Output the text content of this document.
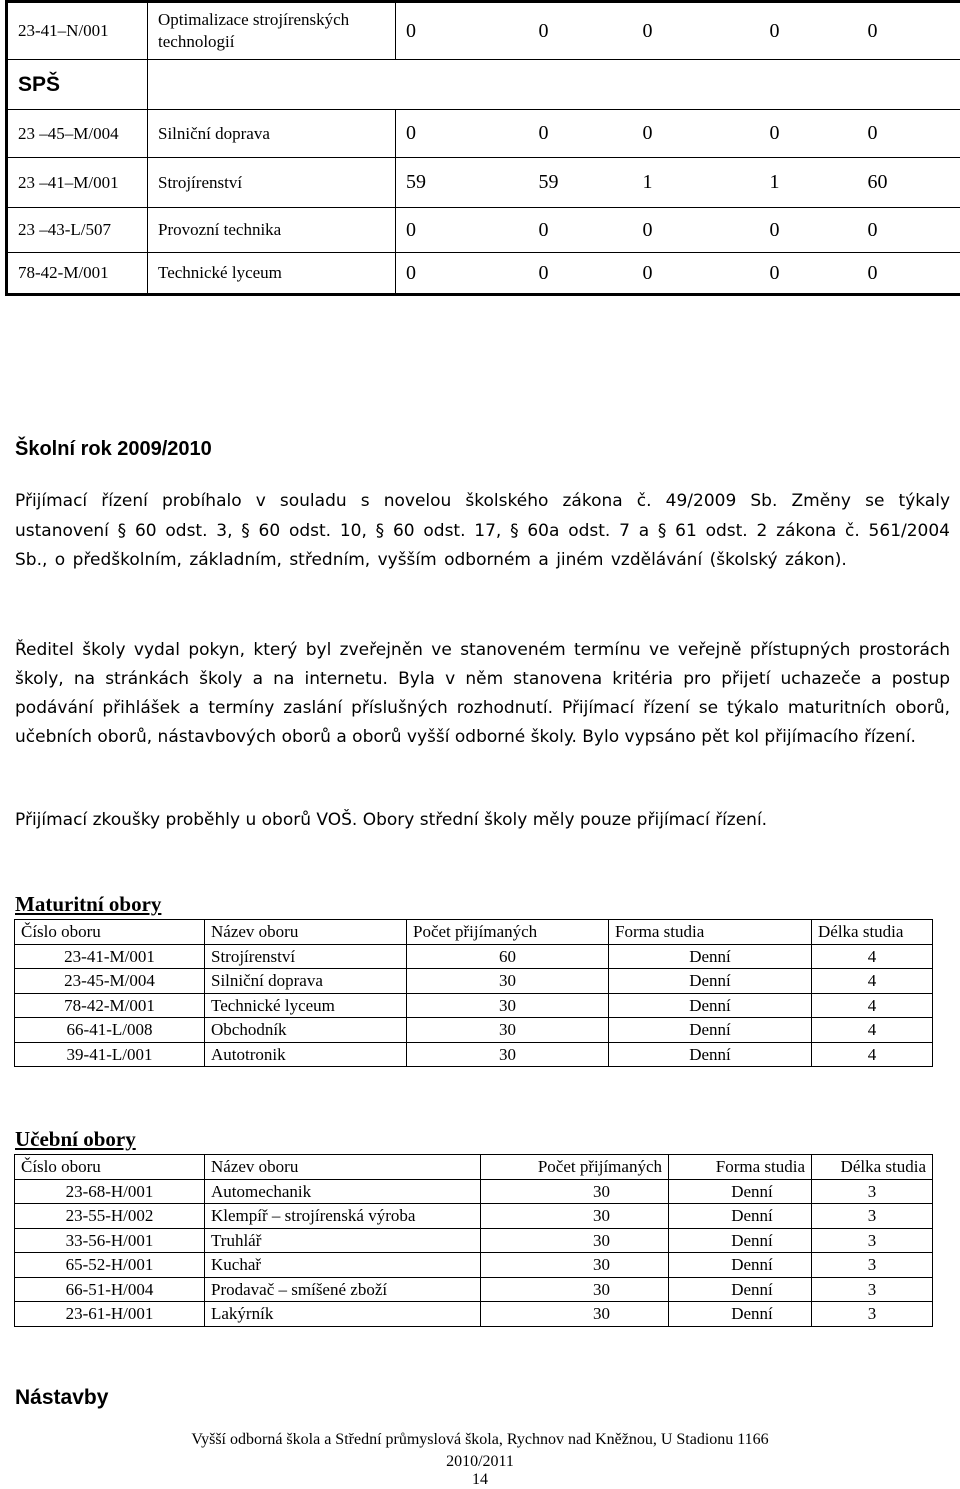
23-41–N/001	Optimalizace strojírenských technologií	0	0	0	0	0
SPŠ						
23 –45–M/004	Silniční doprava	0	0	0	0	0
23 –41–M/001	Strojírenství	59	59	1	1	60
23 –43-L/507	Provozní technika	0	0	0	0	0
78-42-M/001	Technické lyceum	0	0	0	0	0
Školní rok 2009/2010
Přijímací řízení probíhalo v souladu s novelou školského zákona č. 49/2009 Sb. Změny se týkaly ustanovení § 60 odst. 3, § 60 odst. 10, § 60 odst. 17, § 60a odst. 7 a § 61 odst. 2 zákona č. 561/2004 Sb., o předškolním, základním, středním, vyšším odborném a jiném vzdělávání (školský zákon).
Ředitel školy vydal pokyn, který byl zveřejněn ve stanoveném termínu ve veřejně přístupných prostorách školy, na stránkách školy a na internetu. Byla v něm stanovena kritéria pro přijetí uchazeče a postup podávání přihlášek a termíny zaslání příslušných rozhodnutí. Přijímací řízení se týkalo maturitních oborů, učebních oborů, nástavbových oborů a oborů vyšší odborné školy. Bylo vypsáno pět kol přijímacího řízení.
Přijímací zkoušky proběhly u oborů VOŠ. Obory střední školy měly pouze přijímací řízení.
Maturitní obory
Číslo oboru	Název oboru	Počet přijímaných	Forma studia	Délka studia
23-41-M/001	Strojírenství	60	Denní	4
23-45-M/004	Silniční doprava	30	Denní	4
78-42-M/001	Technické lyceum	30	Denní	4
66-41-L/008	Obchodník	30	Denní	4
39-41-L/001	Autotronik	30	Denní	4
Učební obory
Číslo oboru	Název oboru	Počet přijímaných	Forma studia	Délka studia
23-68-H/001	Automechanik	30	Denní	3
23-55-H/002	Klempíř – strojírenská výroba	30	Denní	3
33-56-H/001	Truhlář	30	Denní	3
65-52-H/001	Kuchař	30	Denní	3
66-51-H/004	Prodavač – smíšené zboží	30	Denní	3
23-61-H/001	Lakýrník	30	Denní	3
Nástavby
Vyšší odborná škola a Střední průmyslová škola, Rychnov nad Kněžnou, U Stadionu 1166
2010/2011
14
